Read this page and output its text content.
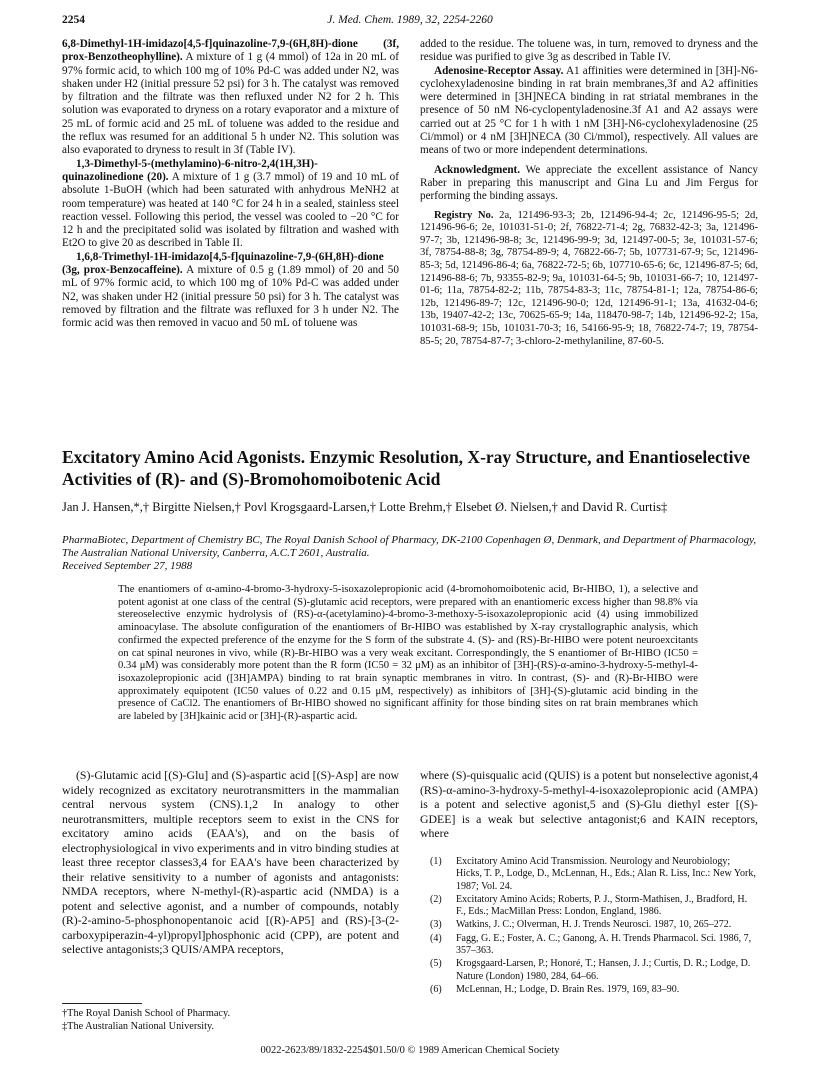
2254	J. Med. Chem. 1989, 32, 2254-2260

6,8-Dimethyl-1H-imidazo[4,5-f]quinazoline-7,9-(6H,8H)-dione (3f, prox-Benzotheophylline). A mixture of 1 g (4 mmol) of 12a in 20 mL of 97% formic acid, to which 100 mg of 10% Pd-C was added under N2, was shaken under H2 (initial pressure 52 psi) for 3 h. The catalyst was removed by filtration and the filtrate was then refluxed under N2 for 2 h. This solution was evaporated to dryness on a rotary evaporator and a mixture of 25 mL of formic acid and 25 mL of toluene was added to the residue and the reflux was resumed for an additional 5 h under N2. This solution was also evaporated to dryness to result in 3f (Table IV).

1,3-Dimethyl-5-(methylamino)-6-nitro-2,4(1H,3H)-quinazolinedione (20). A mixture of 1 g (3.7 mmol) of 19 and 10 mL of absolute 1-BuOH (which had been saturated with anhydrous MeNH2 at room temperature) was heated at 140 °C for 24 h in a sealed, stainless steel reaction vessel. Following this period, the vessel was cooled to −20 °C for 12 h and the precipitated solid was isolated by filtration and washed with Et2O to give 20 as described in Table II.

1,6,8-Trimethyl-1H-imidazo[4,5-f]quinazoline-7,9-(6H,8H)-dione (3g, prox-Benzocaffeine). A mixture of 0.5 g (1.89 mmol) of 20 and 50 mL of 97% formic acid, to which 100 mg of 10% Pd-C was added under N2, was shaken under H2 (initial pressure 50 psi) for 3 h. The catalyst was removed by filtration and the filtrate was refluxed for 3 h under N2. The formic acid was then removed in vacuo and 50 mL of toluene was

added to the residue. The toluene was, in turn, removed to dryness and the residue was purified to give 3g as described in Table IV.

Adenosine-Receptor Assay. A1 affinities were determined in [3H]-N6-cyclohexyladenosine binding in rat brain membranes,3f and A2 affinities were determined in [3H]NECA binding in rat striatal membranes in the presence of 50 nM N6-cyclopentyladenosine.3f A1 and A2 assays were carried out at 25 °C for 1 h with 1 nM [3H]-N6-cyclohexyladenosine (25 Ci/mmol) or 4 nM [3H]NECA (30 Ci/mmol), respectively. All values are means of two or more independent determinations.

Acknowledgment. We appreciate the excellent assistance of Nancy Raber in preparing this manuscript and Gina Lu and Jim Fergus for performing the binding assays.

Registry No. 2a, 121496-93-3; 2b, 121496-94-4; 2c, 121496-95-5; 2d, 121496-96-6; 2e, 101031-51-0; 2f, 76822-71-4; 2g, 76832-42-3; 3a, 121496-97-7; 3b, 121496-98-8; 3c, 121496-99-9; 3d, 121497-00-5; 3e, 101031-57-6; 3f, 78754-88-8; 3g, 78754-89-9; 4, 76822-66-7; 5b, 107731-67-9; 5c, 121496-85-3; 5d, 121496-86-4; 6a, 76822-72-5; 6b, 107710-65-6; 6c, 121496-87-5; 6d, 121496-88-6; 7b, 93355-82-9; 9a, 101031-64-5; 9b, 101031-66-7; 10, 121497-01-6; 11a, 78754-82-2; 11b, 78754-83-3; 11c, 78754-81-1; 12a, 78754-86-6; 12b, 121496-89-7; 12c, 121496-90-0; 12d, 121496-91-1; 13a, 41632-04-6; 13b, 19407-42-2; 13c, 70625-65-9; 14a, 118470-98-7; 14b, 121496-92-2; 15a, 101031-68-9; 15b, 101031-70-3; 16, 54166-95-9; 18, 76822-74-7; 19, 78754-85-5; 20, 78754-87-7; 3-chloro-2-methylaniline, 87-60-5.

Excitatory Amino Acid Agonists. Enzymic Resolution, X-ray Structure, and Enantioselective Activities of (R)- and (S)-Bromohomoibotenic Acid
Jan J. Hansen,*,† Birgitte Nielsen,† Povl Krogsgaard-Larsen,† Lotte Brehm,† Elsebet Ø. Nielsen,† and David R. Curtis‡
PharmaBiotec, Department of Chemistry BC, The Royal Danish School of Pharmacy, DK-2100 Copenhagen Ø, Denmark, and Department of Pharmacology, The Australian National University, Canberra, A.C.T 2601, Australia.
Received September 27, 1988
The enantiomers of α-amino-4-bromo-3-hydroxy-5-isoxazolepropionic acid (4-bromohomoibotenic acid, Br-HIBO, 1), a selective and potent agonist at one class of the central (S)-glutamic acid receptors, were prepared with an enantiomeric excess higher than 98.8% via stereoselective enzymic hydrolysis of (RS)-α-(acetylamino)-4-bromo-3-methoxy-5-isoxazolepropionic acid (4) using immobilized aminoacylase. The absolute configuration of the enantiomers of Br-HIBO was established by X-ray crystallographic analysis, which confirmed the expected preference of the enzyme for the S form of the substrate 4. (S)- and (RS)-Br-HIBO were potent neuroexcitants on cat spinal neurones in vivo, while (R)-Br-HIBO was a very weak excitant. Correspondingly, the S enantiomer of Br-HIBO (IC50 = 0.34 μM) was considerably more potent than the R form (IC50 = 32 μM) as an inhibitor of [3H]-(RS)-α-amino-3-hydroxy-5-methyl-4-isoxazolepropionic acid ([3H]AMPA) binding to rat brain synaptic membranes in vitro. In contrast, (S)- and (R)-Br-HIBO were approximately equipotent (IC50 values of 0.22 and 0.15 μM, respectively) as inhibitors of [3H]-(S)-glutamic acid binding in the presence of CaCl2. The enantiomers of Br-HIBO showed no significant affinity for those binding sites on rat brain membranes which are labeled by [3H]kainic acid or [3H]-(R)-aspartic acid.

(S)-Glutamic acid [(S)-Glu] and (S)-aspartic acid [(S)-Asp] are now widely recognized as excitatory neurotransmitters in the mammalian central nervous system (CNS).1,2 In analogy to other neurotransmitters, multiple receptors seem to exist in the CNS for excitatory amino acids (EAA's), and on the basis of electrophysiological in vivo experiments and in vitro binding studies at least three receptor classes3,4 for EAA's have been characterized by their relative sensitivity to a number of agonists and antagonists: NMDA receptors, where N-methyl-(R)-aspartic acid (NMDA) is a potent and selective agonist, and a number of compounds, notably (R)-2-amino-5-phosphonopentanoic acid [(R)-AP5] and (RS)-[3-(2-carboxypiperazin-4-yl)propyl]phosphonic acid (CPP), are potent and selective antagonists;3 QUIS/AMPA receptors,

where (S)-quisqualic acid (QUIS) is a potent but nonselective agonist,4 (RS)-α-amino-3-hydroxy-5-methyl-4-isoxazolepropionic acid (AMPA) is a potent and selective agonist,5 and (S)-Glu diethyl ester [(S)-GDEE] is a weak but selective antagonist;6 and KAIN receptors, where

†The Royal Danish School of Pharmacy.
‡The Australian National University.
(1)	Excitatory Amino Acid Transmission. Neurology and Neurobiology; Hicks, T. P., Lodge, D., McLennan, H., Eds.; Alan R. Liss, Inc.: New York, 1987; Vol. 24.
(2)	Excitatory Amino Acids; Roberts, P. J., Storm-Mathisen, J., Bradford, H. F., Eds.; MacMillan Press: London, England, 1986.
(3)	Watkins, J. C.; Olverman, H. J. Trends Neurosci. 1987, 10, 265–272.
(4)	Fagg, G. E.; Foster, A. C.; Ganong, A. H. Trends Pharmacol. Sci. 1986, 7, 357–363.
(5)	Krogsgaard-Larsen, P.; Honoré, T.; Hansen, J. J.; Curtis, D. R.; Lodge, D. Nature (London) 1980, 284, 64–66.
(6)	McLennan, H.; Lodge, D. Brain Res. 1979, 169, 83–90.
0022-2623/89/1832-2254$01.50/0 © 1989 American Chemical Society
